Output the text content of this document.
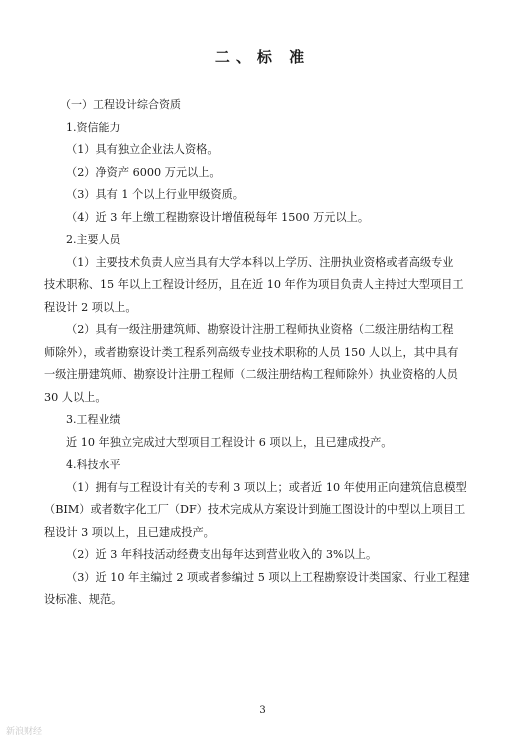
二、标 准
（一）工程设计综合资质
1.资信能力
（1）具有独立企业法人资格。
（2）净资产 6000 万元以上。
（3）具有 1 个以上行业甲级资质。
（4）近 3 年上缴工程勘察设计增值税每年 1500 万元以上。
2.主要人员
（1）主要技术负责人应当具有大学本科以上学历、注册执业资格或者高级专业
技术职称、15 年以上工程设计经历，且在近 10 年作为项目负责人主持过大型项目工
程设计 2 项以上。
（2）具有一级注册建筑师、勘察设计注册工程师执业资格（二级注册结构工程
师除外），或者勘察设计类工程系列高级专业技术职称的人员 150 人以上，其中具有
一级注册建筑师、勘察设计注册工程师（二级注册结构工程师除外）执业资格的人员
30 人以上。
3.工程业绩
近 10 年独立完成过大型项目工程设计 6 项以上，且已建成投产。
4.科技水平
（1）拥有与工程设计有关的专利 3 项以上；或者近 10 年使用正向建筑信息模型
（BIM）或者数字化工厂（DF）技术完成从方案设计到施工图设计的中型以上项目工
程设计 3 项以上，且已建成投产。
（2）近 3 年科技活动经费支出每年达到营业收入的 3%以上。
（3）近 10 年主编过 2 项或者参编过 5 项以上工程勘察设计类国家、行业工程建
设标准、规范。
3
新浪财经
